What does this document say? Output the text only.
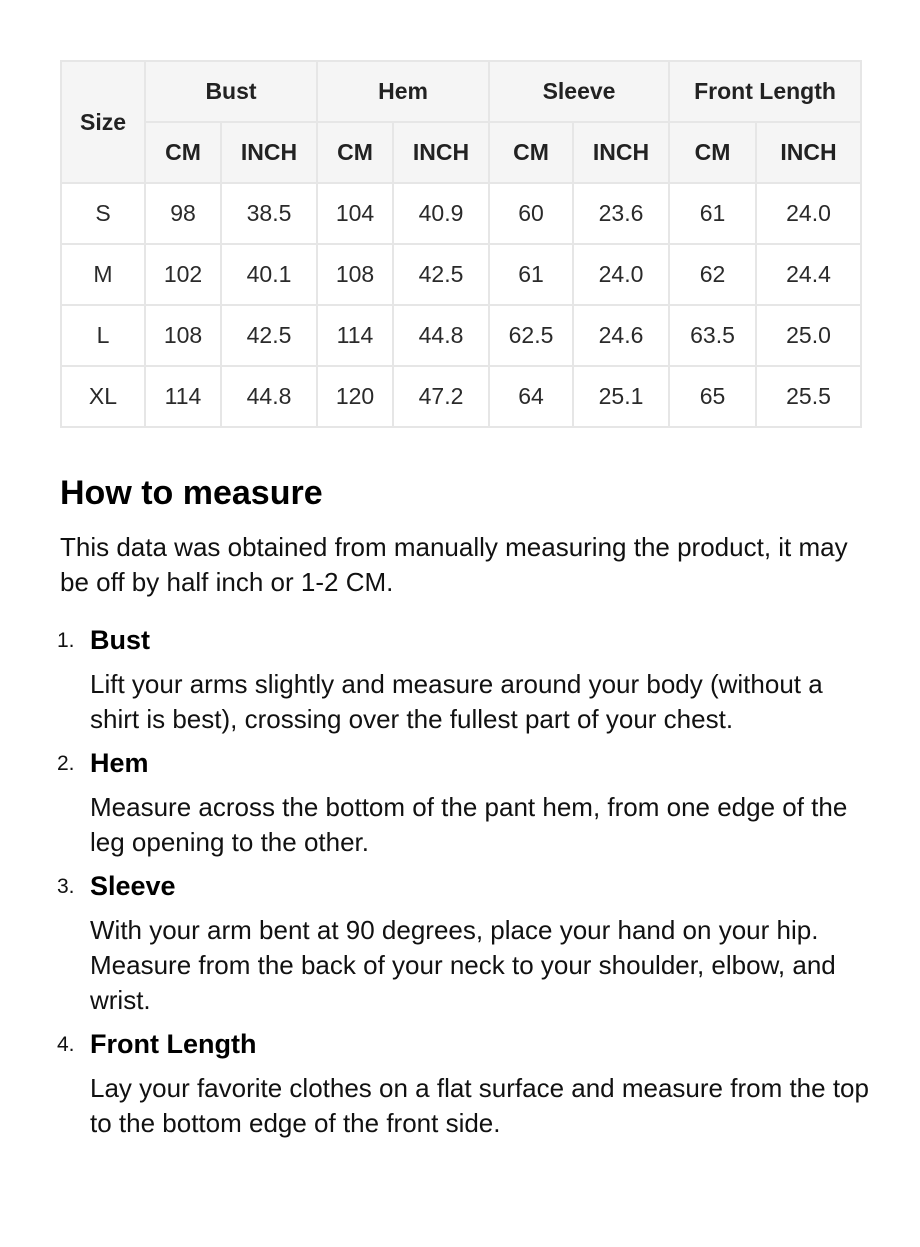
Size	Bust		Hem		Sleeve		Front Length	
	CM	INCH	CM	INCH	CM	INCH	CM	INCH
S	98	38.5	104	40.9	60	23.6	61	24.0
M	102	40.1	108	42.5	61	24.0	62	24.4
L	108	42.5	114	44.8	62.5	24.6	63.5	25.0
XL	114	44.8	120	47.2	64	25.1	65	25.5
How to measure

This data was obtained from manually measuring the product, it may be off by half inch or 1-2 CM.

1. Bust
Lift your arms slightly and measure around your body (without a shirt is best), crossing over the fullest part of your chest.
2. Hem
Measure across the bottom of the pant hem, from one edge of the leg opening to the other.
3. Sleeve
With your arm bent at 90 degrees, place your hand on your hip. Measure from the back of your neck to your shoulder, elbow, and wrist.
4. Front Length
Lay your favorite clothes on a flat surface and measure from the top to the bottom edge of the front side.
